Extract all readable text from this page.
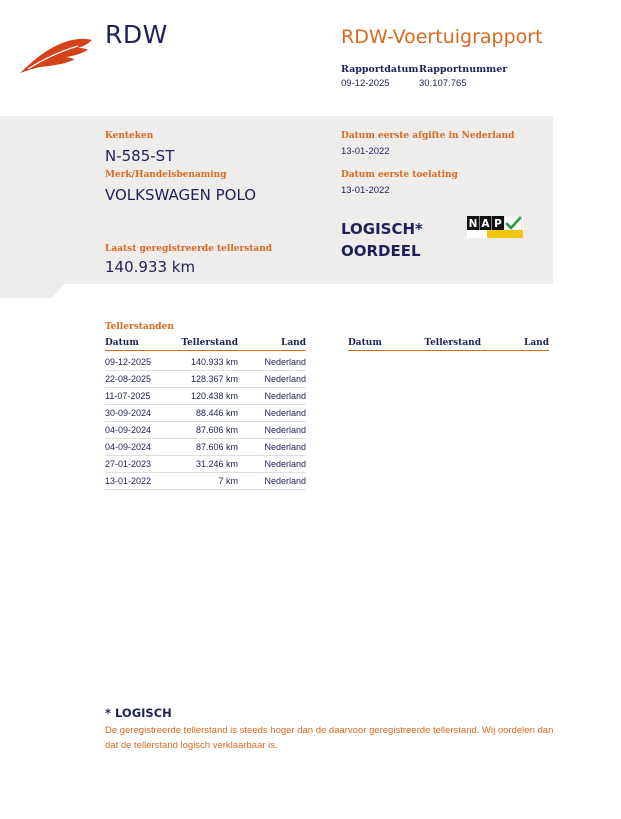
RDW	RDW-Voertuigrapport
Rapportdatum
09-12-2025
Rapportnummer
30.107.765
Kenteken
N-585-ST
Merk/Handelsbenaming
VOLKSWAGEN POLO
Datum eerste afgifte in Nederland
13-01-2022
Datum eerste toelating
13-01-2022
LOGISCH*
OORDEEL
N A P
Laatst geregistreerde tellerstand
140.933 km
Tellerstanden
Datum	Tellerstand	Land

09-12-2025	140.933 km	Nederland
22-08-2025	128.367 km	Nederland
11-07-2025	120.438 km	Nederland
30-09-2024	88.446 km	Nederland
04-09-2024	87.606 km	Nederland
04-09-2024	87.606 km	Nederland
27-01-2023	31.246 km	Nederland
13-01-2022	7 km	Nederland
Datum	Tellerstand	Land
* LOGISCH
De geregistreerde tellerstand is steeds hoger dan de daarvoor geregistreerde tellerstand. Wij oordelen dan dat de tellerstand logisch verklaarbaar is.
